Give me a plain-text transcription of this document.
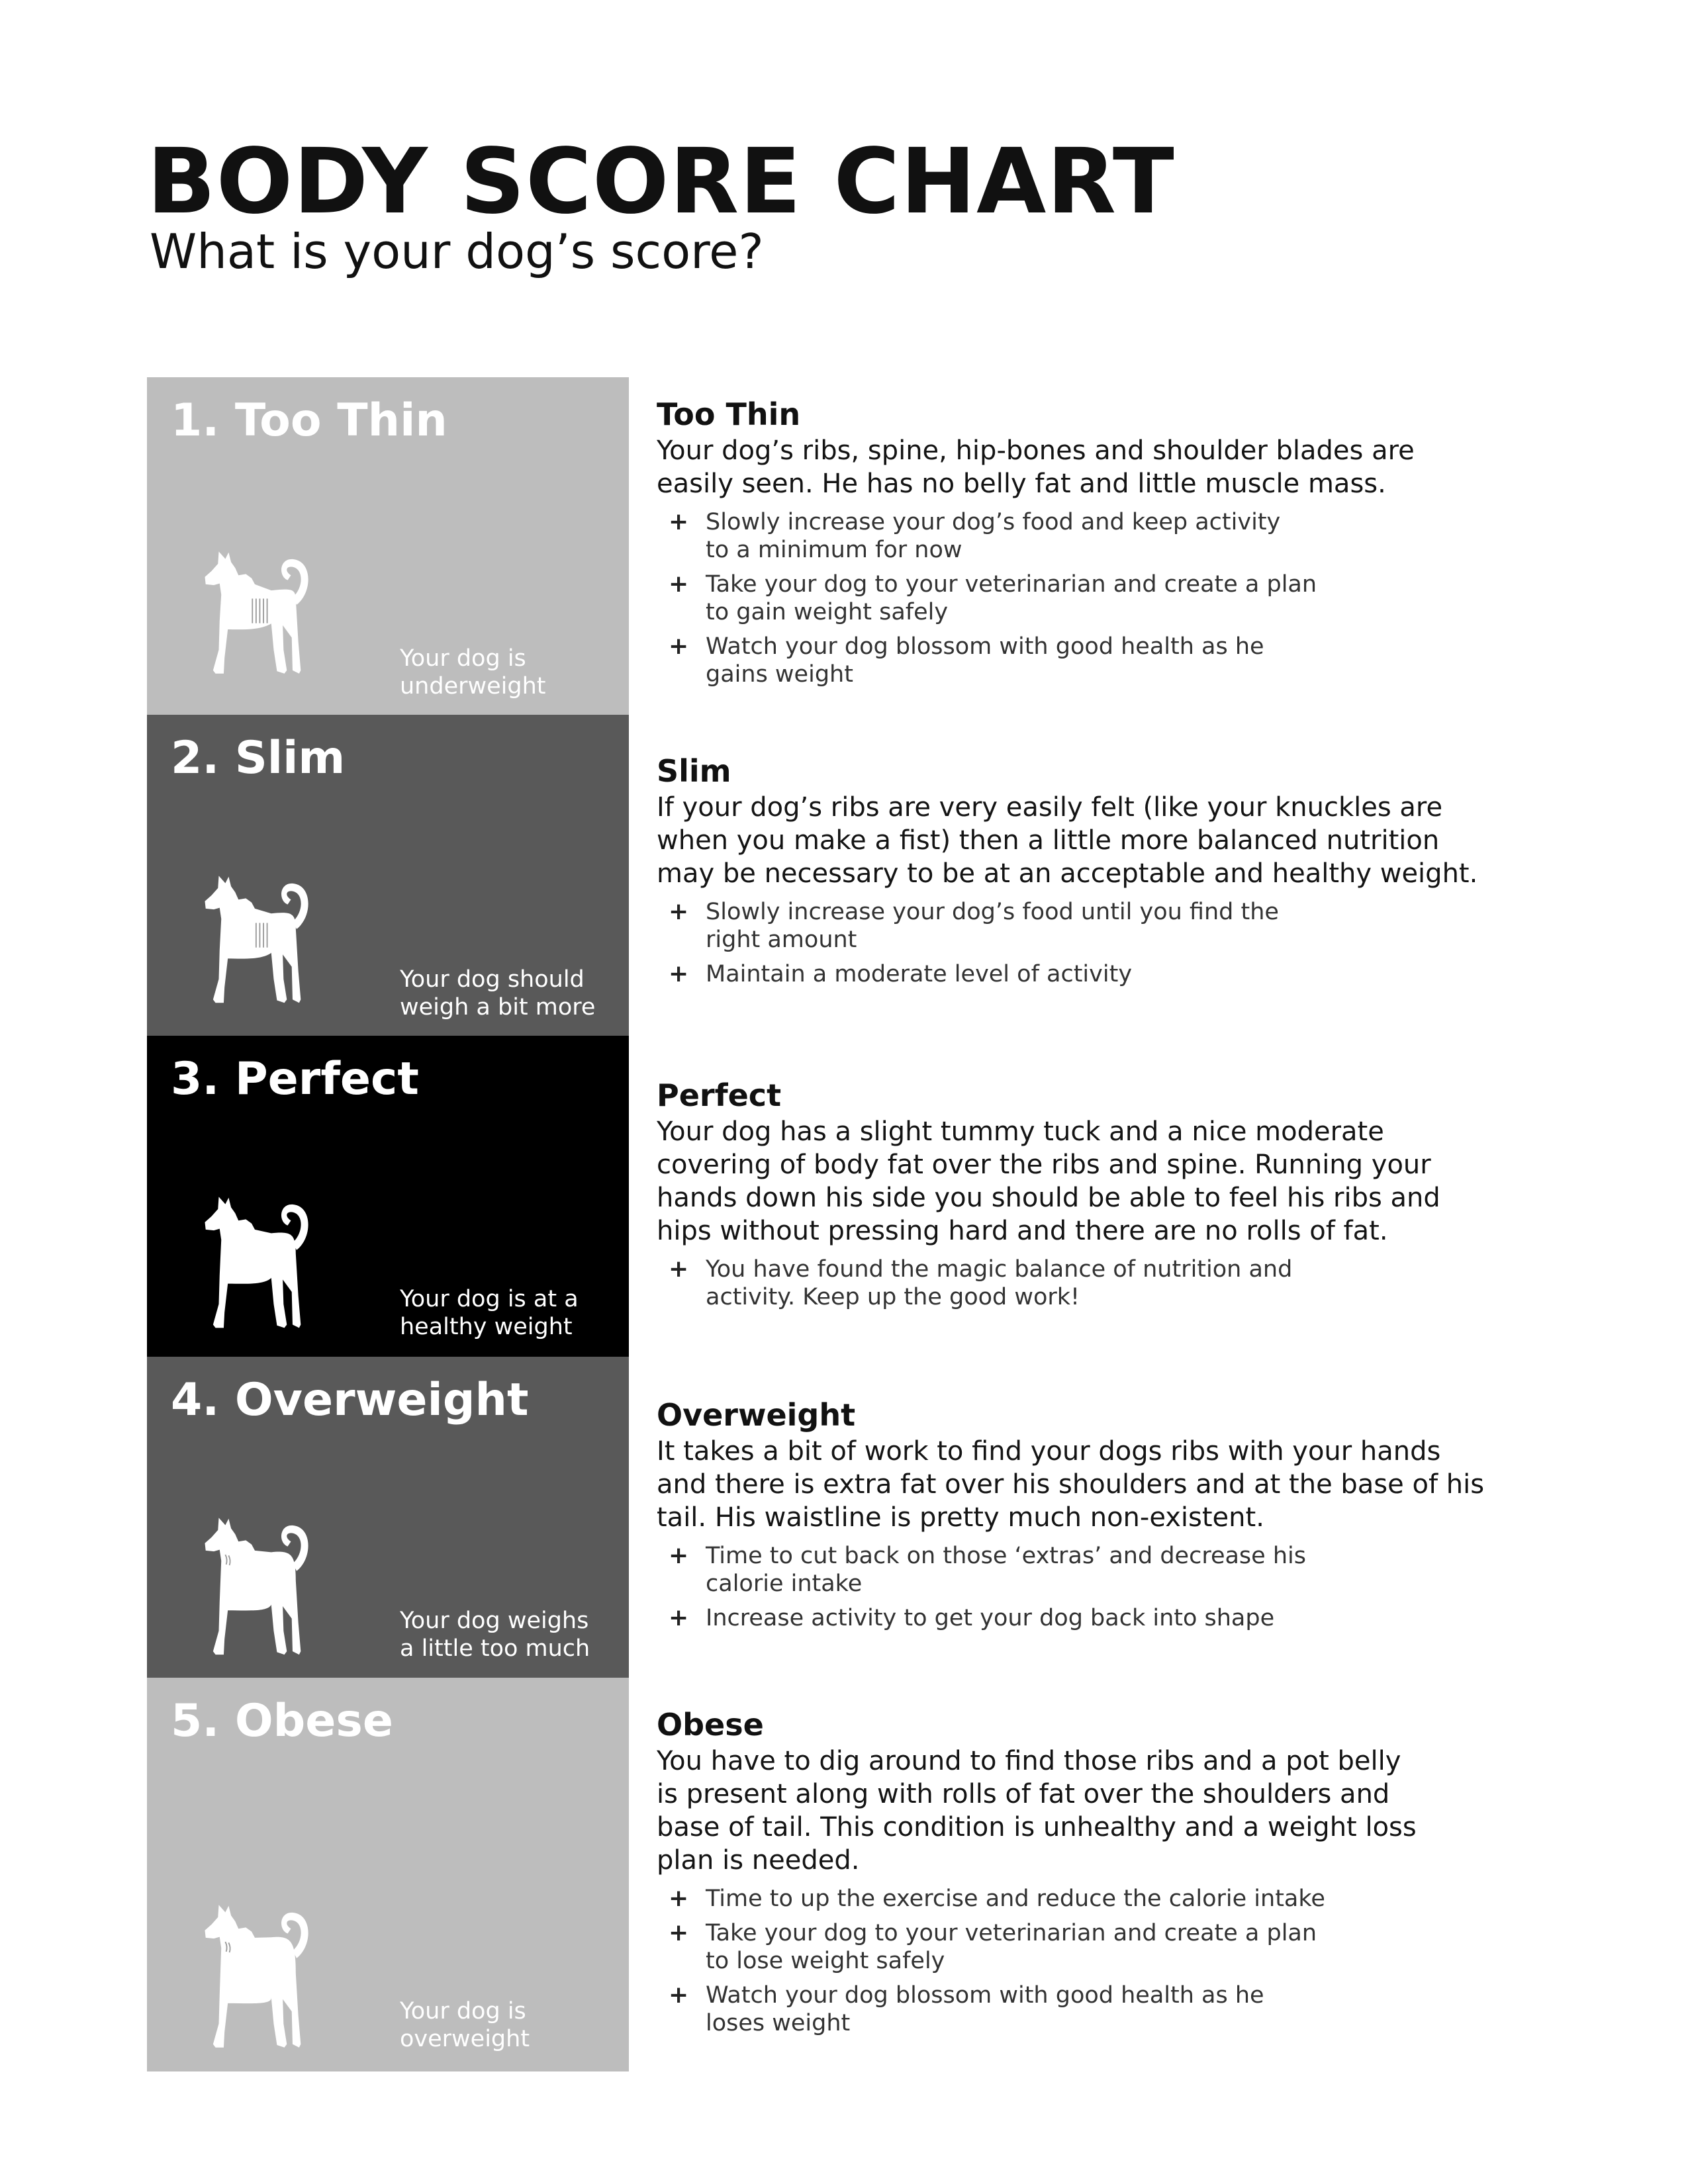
BODY SCORE CHART
What is your dog’s score?
1. Too Thin
Your dog is
underweight
Too Thin

Your dog’s ribs, spine, hip-bones and shoulder blades are
easily seen. He has no belly fat and little muscle mass.

+ Slowly increase your dog’s food and keep activity
to a minimum for now
+ Take your dog to your veterinarian and create a plan
to gain weight safely
+ Watch your dog blossom with good health as he
gains weight
2. Slim
Your dog should
weigh a bit more
Slim

If your dog’s ribs are very easily felt (like your knuckles are
when you make a fist) then a little more balanced nutrition
may be necessary to be at an acceptable and healthy weight.

+ Slowly increase your dog’s food until you find the
right amount
+ Maintain a moderate level of activity
3. Perfect
Your dog is at a
healthy weight
Perfect

Your dog has a slight tummy tuck and a nice moderate
covering of body fat over the ribs and spine. Running your
hands down his side you should be able to feel his ribs and
hips without pressing hard and there are no rolls of fat.

+ You have found the magic balance of nutrition and
activity. Keep up the good work!
4. Overweight
Your dog weighs
a little too much
Overweight

It takes a bit of work to find your dogs ribs with your hands
and there is extra fat over his shoulders and at the base of his
tail. His waistline is pretty much non-existent.

+ Time to cut back on those ‘extras’ and decrease his
calorie intake
+ Increase activity to get your dog back into shape
5. Obese
Your dog is
overweight
Obese

You have to dig around to find those ribs and a pot belly
is present along with rolls of fat over the shoulders and
base of tail. This condition is unhealthy and a weight loss
plan is needed.

+ Time to up the exercise and reduce the calorie intake
+ Take your dog to your veterinarian and create a plan
to lose weight safely
+ Watch your dog blossom with good health as he
loses weight
